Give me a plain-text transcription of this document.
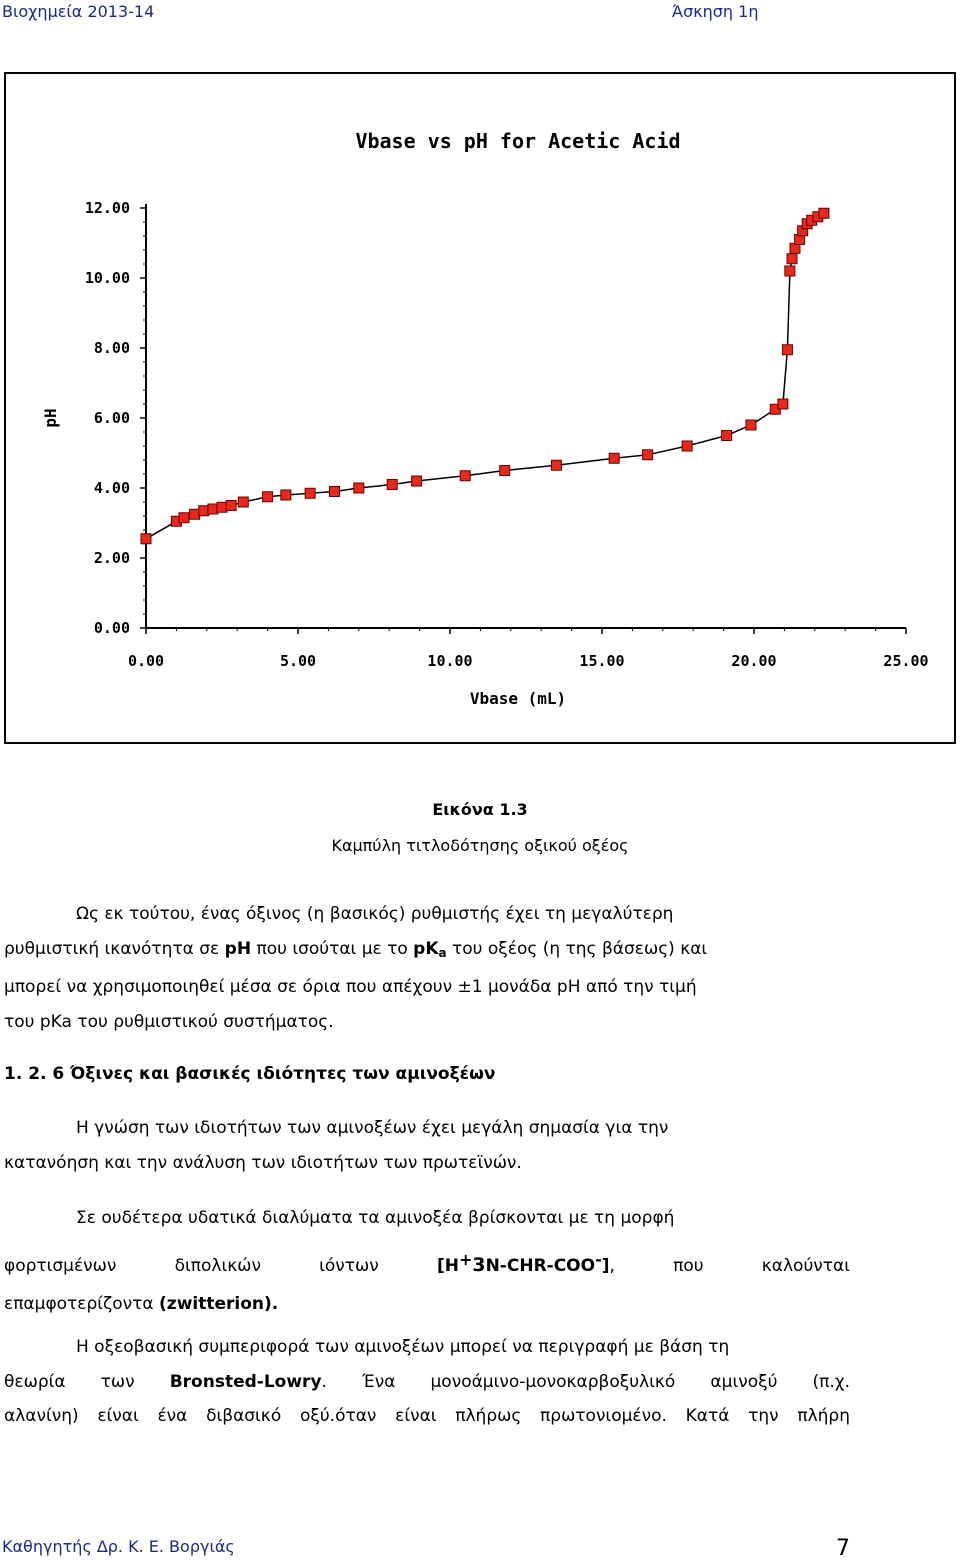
Βιοχημεία 2013-14	Άσκηση 1η
Vbase vs pH for Acetic Acid
pH
Vbase (mL)
0.00	5.00	10.00	15.00	20.00	25.00
0.00
2.00
4.00
6.00
8.00
10.00
12.00
Εικόνα 1.3
Καμπύλη τιτλοδότησης οξικού οξέος
Ως εκ τούτου, ένας όξινος (η βασικός) ρυθμιστής έχει τη μεγαλύτερη
ρυθμιστική ικανότητα σε pH που ισούται με το $pK_a$ του οξέος (η της βάσεως) και
μπορεί να χρησιμοποιηθεί μέσα σε όρια που απέχουν ±1 μονάδα pH από την τιμή
του pKa του ρυθμιστικού συστήματος.
1. 2. 6 Όξινες και βασικές ιδιότητες των αμινοξέων
Η γνώση των ιδιοτήτων των αμινοξέων έχει μεγάλη σημασία για την
κατανόηση και την ανάλυση των ιδιοτήτων των πρωτεϊνών.
Σε ουδέτερα υδατικά διαλύματα τα αμινοξέα βρίσκονται με τη μορφή
φορτισμένων διπολικών ιόντων [H+3N-CHR-COO-], που καλούνται
επαμφοτερίζοντα (zwitterion).
Η οξεοβασική συμπεριφορά των αμινοξέων μπορεί να περιγραφή με βάση τη
θεωρία των Bronsted-Lowry. Ένα μονοάμινο-μονοκαρβοξυλικό αμινοξύ (π.χ.
αλανίνη) είναι ένα διβασικό οξύ.όταν είναι πλήρως πρωτονιομένο. Κατά την πλήρη
Καθηγητής Δρ. Κ. Ε. Βοργιάς	7
